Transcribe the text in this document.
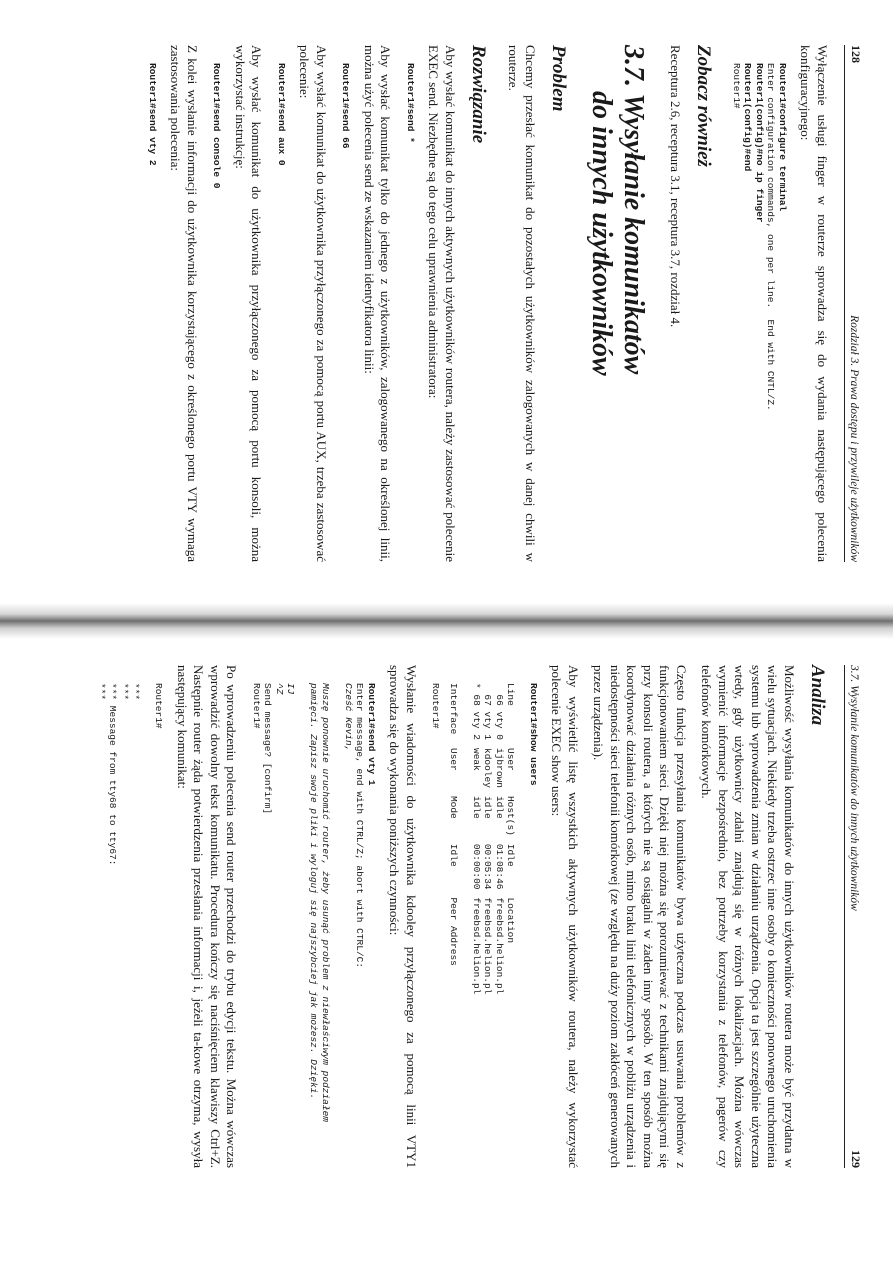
128
Rozdział 3. Prawa dostępu i przywileje użytkowników

Wyłączenie usługi finger w routerze sprowadza się do wydania następującego polecenia konfiguracyjnego:

Router1#configure terminal
Enter configuration commands, one per line.  End with CNTL/Z.
Router1(config)#no ip finger
Router1(config)#end
Router1#
Zobacz również

Receptura 2.6, receptura 3.1, receptura 3.7, rozdział 4.

3.7. Wysyłanie komunikatów
do innych użytkowników
Problem

Chcemy przesłać komunikat do pozostałych użytkowników zalogowanych w danej chwili w routerze.

Rozwiązanie

Aby wysłać komunikat do innych aktywnych użytkowników routera, należy zastosować polecenie EXEC send. Niezbędne są do tego celu uprawnienia administratora:

Router1#send *

Aby wysłać komunikat tylko do jednego z użytkowników, zalogowanego na określonej linii, można użyć polecenia send ze wskazaniem identyfikatora linii:

Router1#send 66

Aby wysłać komunikat do użytkownika przyłączonego za pomocą portu AUX, trzeba zastosować polecenie:

Router1#send aux 0

Aby wysłać komunikat do użytkownika przyłączonego za pomocą portu konsoli, można wykorzystać instrukcję:

Router1#send console 0

Z kolei wysłanie informacji do użytkownika korzystającego z określonego portu VTY wymaga zastosowania polecenia:

Router1#send vty 2
3.7. Wysyłanie komunikatów do innych użytkowników
129
Analiza

Możliwość wysyłania komunikatów do innych użytkowników routera może być przydatna w wielu sytuacjach. Niekiedy trzeba ostrzec inne osoby o konieczności ponownego uruchomienia systemu lub wprowadzenia zmian w działaniu urządzenia. Opcja ta jest szczególnie użyteczna wtedy, gdy użytkownicy zdalni znajdują się w różnych lokalizacjach. Można wówczas wymienić informacje bezpośrednio, bez potrzeby korzystania z telefonów, pagerów czy telefonów komórkowych.

Często funkcja przesyłania komunikatów bywa użyteczna podczas usuwania problemów z funkcjonowaniem sieci. Dzięki niej można się porozumiewać z technikami znajdującymi się przy konsoli routera, a których nie są osiągalni w żaden inny sposób. W ten sposób można koordynować działania różnych osób, mimo braku linii telefonicznych w pobliżu urządzenia i niedostępności sieci telefonii komórkowej (ze względu na duży poziom zakłóceń generowanych przez urządzenia).

Aby wyświetlić listę wszystkich aktywnych użytkowników routera, należy wykorzystać polecenie EXEC show users:

Router1#show users
Line	User	Host(s)	Idle	Location
66 vty 0	ijbrown	idle	01:08:46	freebsd.helion.pl
67 vty 1	kdooley	idle	00:05:34	freebsd.helion.pl
* 68 vty 2	weak	idle	00:00:00	freebsd.helion.pl

Interface	User	Mode	Idle	Peer Address
Router1#

Wysłanie wiadomości do użytkownika kdooley przyłączonego za pomocą linii VTY1 sprowadza się do wykonania poniższych czynności:

Router1#send vty 1
Enter message, end with CTRL/Z; abort with CTRL/C:
Cześć Kevin,
Muszę ponownie uruchomić router, żeby usunąć problem z niewłaściwym podziałem
pamięci. Zapisz swoje pliki i wyloguj się najszybciej jak możesz. Dzięki.
IJ
^Z
Send message? [confirm]
Router1#

Po wprowadzeniu polecenia send router przechodzi do trybu edycji tekstu. Można wówczas wprowadzić dowolny tekst komunikatu. Procedura kończy się naciśnięciem klawiszy Ctrl+Z. Następnie router żąda potwierdzenia przesłania informacji i, jeżeli ta-kowe otrzyma, wysyła następujący komunikat:

Router1#
***
***
*** Message from tty68 to tty67:
***
